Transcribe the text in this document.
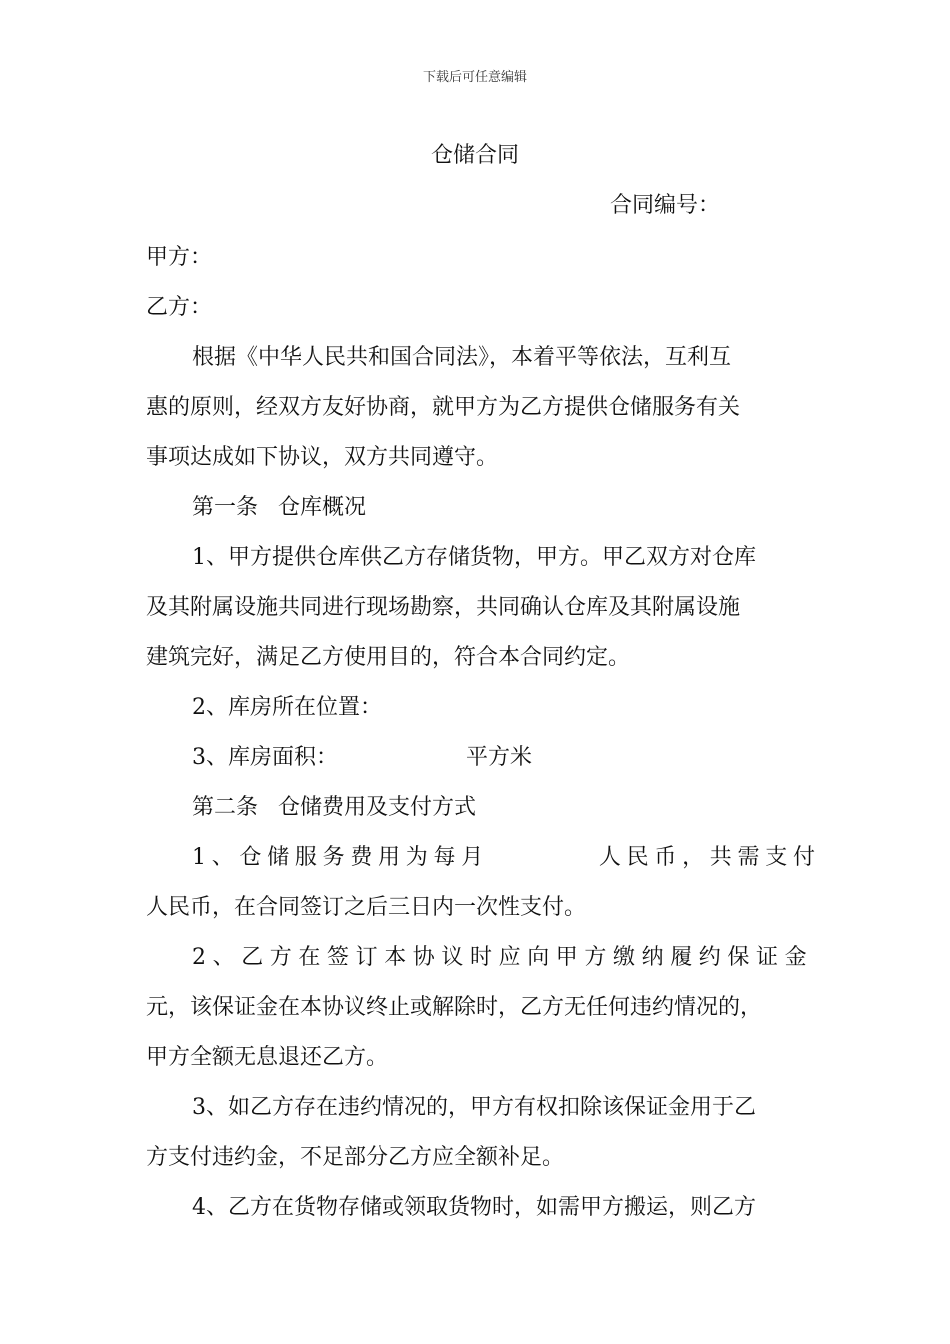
下载后可任意编辑
仓储合同
合同编号：
甲方：
乙方：
根据《中华人民共和国合同法》，本着平等依法，互利互
惠的原则，经双方友好协商，就甲方为乙方提供仓储服务有关
事项达成如下协议，双方共同遵守。
第一条 仓库概况
1、甲方提供仓库供乙方存储货物，甲方。甲乙双方对仓库
及其附属设施共同进行现场勘察，共同确认仓库及其附属设施
建筑完好，满足乙方使用目的，符合本合同约定。
2、库房所在位置：
3、库房面积：	平方米
第二条 仓储费用及支付方式
1、仓储服务费用为每月	人民币，共需支付
人民币，在合同签订之后三日内一次性支付。
2、乙方在签订本协议时应向甲方缴纳履约保证金
元，该保证金在本协议终止或解除时，乙方无任何违约情况的，
甲方全额无息退还乙方。
3、如乙方存在违约情况的，甲方有权扣除该保证金用于乙
方支付违约金，不足部分乙方应全额补足。
4、乙方在货物存储或领取货物时，如需甲方搬运，则乙方
